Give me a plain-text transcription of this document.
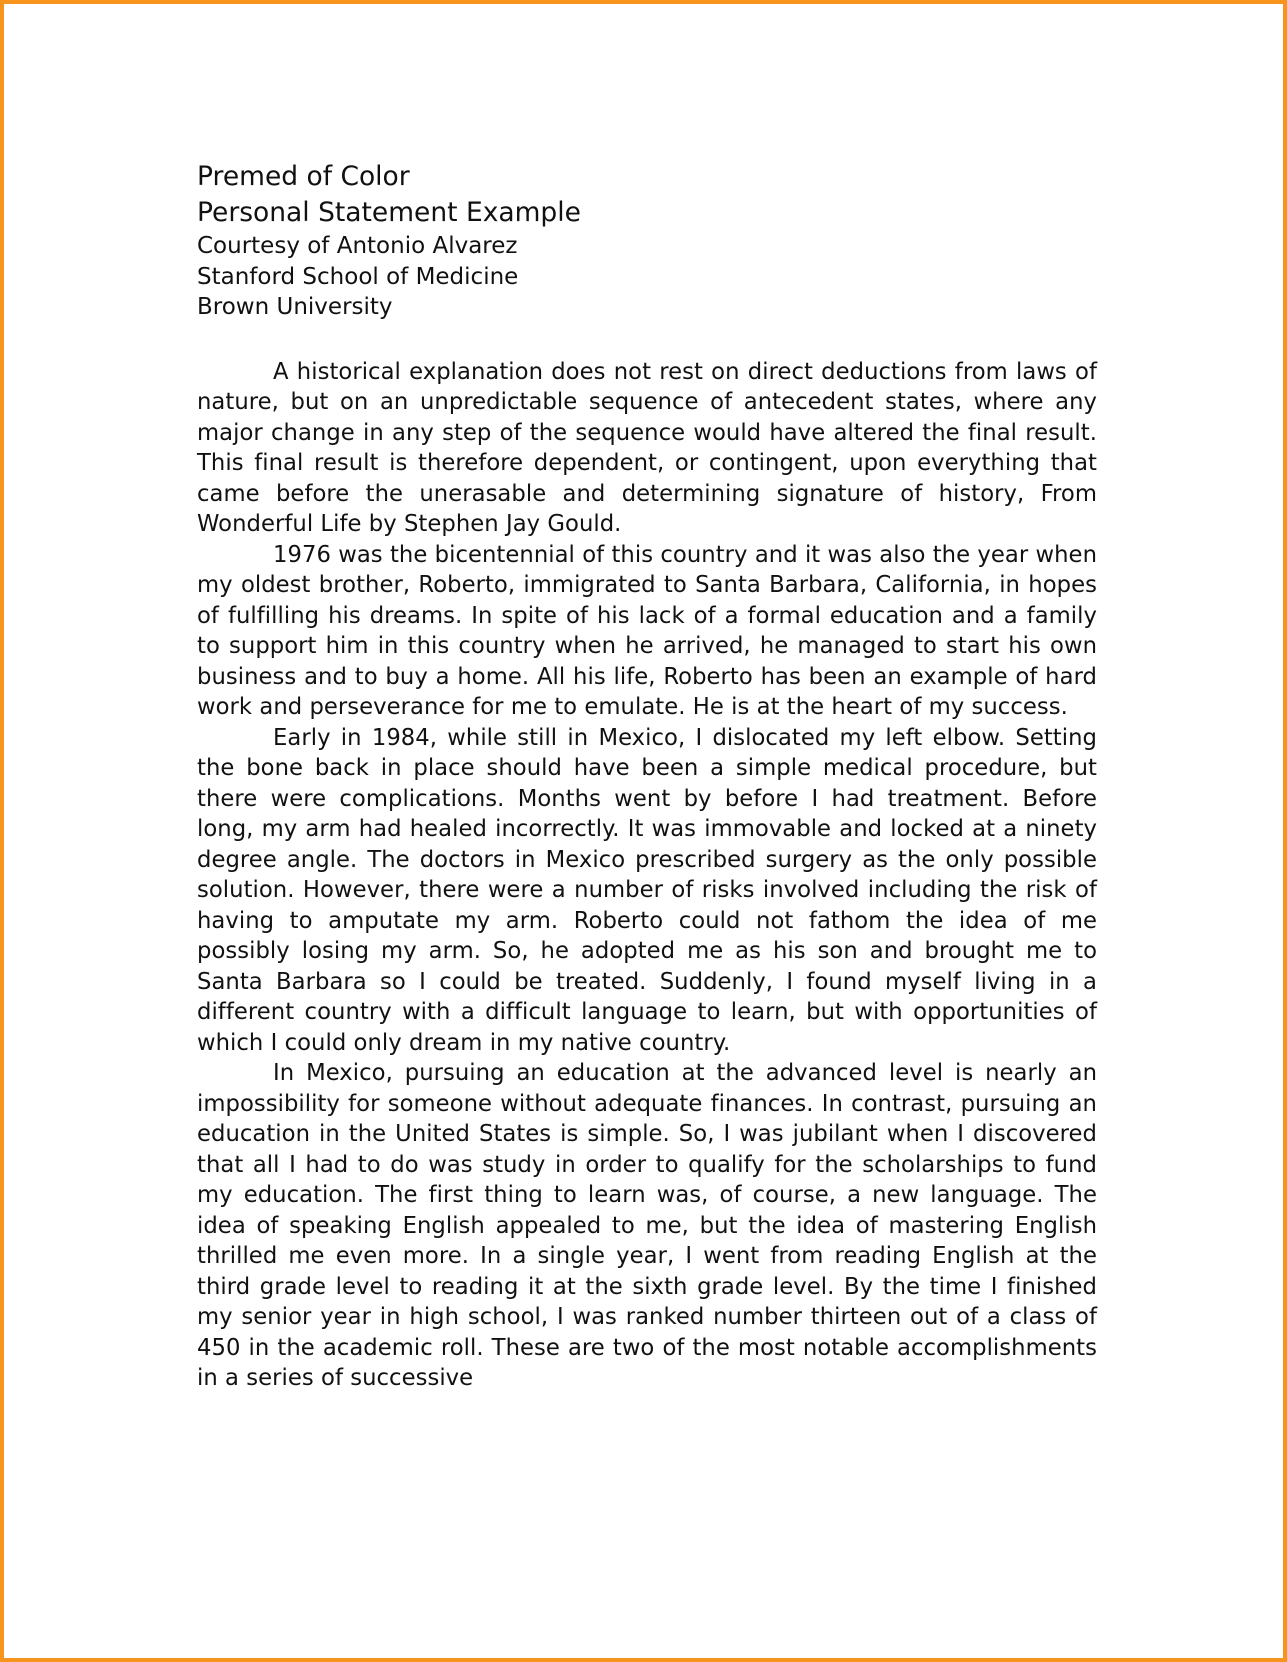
Premed of Color

Personal Statement Example

Courtesy of Antonio Alvarez

Stanford School of Medicine

Brown University

A historical explanation does not rest on direct deductions from laws of nature, but on an unpredictable sequence of antecedent states, where any major change in any step of the sequence would have altered the final result. This final result is therefore dependent, or contingent, upon everything that came before the unerasable and determining signature of history, From Wonderful Life by Stephen Jay Gould.

1976 was the bicentennial of this country and it was also the year when my oldest brother, Roberto, immigrated to Santa Barbara, California, in hopes of fulfilling his dreams. In spite of his lack of a formal education and a family to support him in this country when he arrived, he managed to start his own business and to buy a home. All his life, Roberto has been an example of hard work and perseverance for me to emulate. He is at the heart of my success.

Early in 1984, while still in Mexico, I dislocated my left elbow. Setting the bone back in place should have been a simple medical procedure, but there were complications. Months went by before I had treatment. Before long, my arm had healed incorrectly. It was immovable and locked at a ninety degree angle. The doctors in Mexico prescribed surgery as the only possible solution. However, there were a number of risks involved including the risk of having to amputate my arm. Roberto could not fathom the idea of me possibly losing my arm. So, he adopted me as his son and brought me to Santa Barbara so I could be treated. Suddenly, I found myself living in a different country with a difficult language to learn, but with opportunities of which I could only dream in my native country.

In Mexico, pursuing an education at the advanced level is nearly an impossibility for someone without adequate finances. In contrast, pursuing an education in the United States is simple. So, I was jubilant when I discovered that all I had to do was study in order to qualify for the scholarships to fund my education. The first thing to learn was, of course, a new language. The idea of speaking English appealed to me, but the idea of mastering English thrilled me even more. In a single year, I went from reading English at the third grade level to reading it at the sixth grade level. By the time I finished my senior year in high school, I was ranked number thirteen out of a class of 450 in the academic roll. These are two of the most notable accomplishments in a series of successive
